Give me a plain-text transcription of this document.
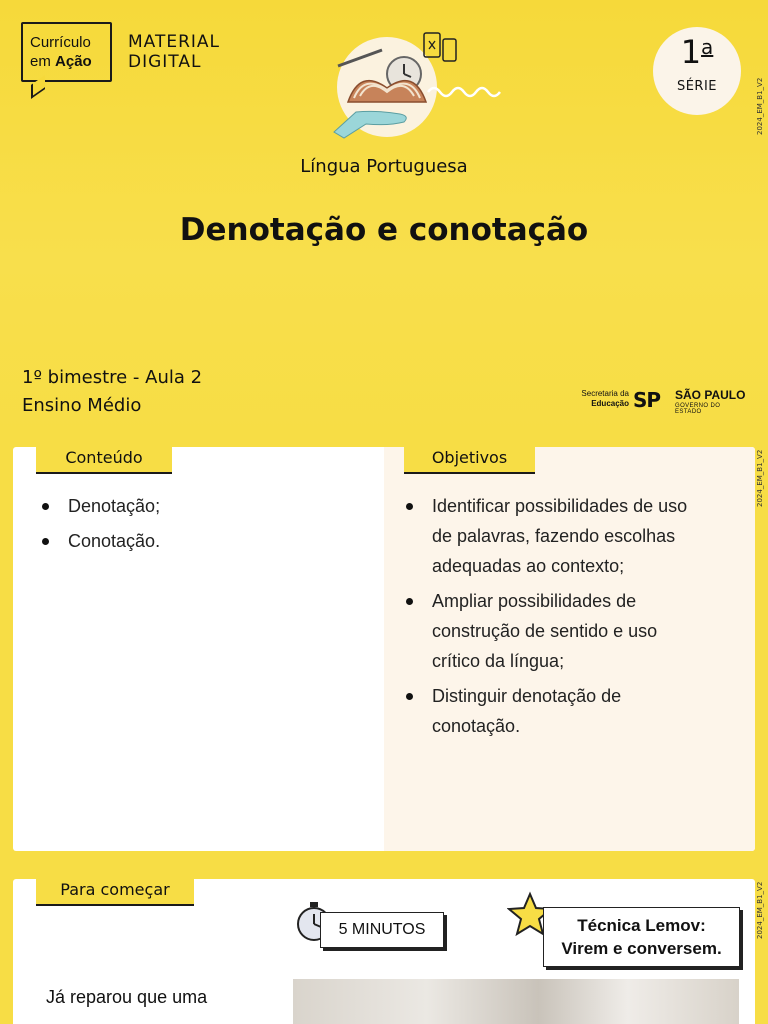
Currículo
em Ação
MATERIAL
DIGITAL	1$^a$
SÉRIE	2024_EM_B1_V2
Língua Portuguesa
Denotação e conotação
1º bimestre - Aula 2
Ensino Médio
Secretaria da
Educação SP SÃO PAULO
GOVERNO DO ESTADO
Conteúdo	Objetivos	2024_EM_B1_V2
Denotação;
Conotação.
Identificar possibilidades de uso
de palavras, fazendo escolhas
adequadas ao contexto;
Ampliar possibilidades de
construção de sentido e uso
crítico da língua;
Distinguir denotação de
conotação.
Já reparou que uma
5 MINUTOS	Técnica Lemov:
Virem e conversem.
Para começar	2024_EM_B1_V2
